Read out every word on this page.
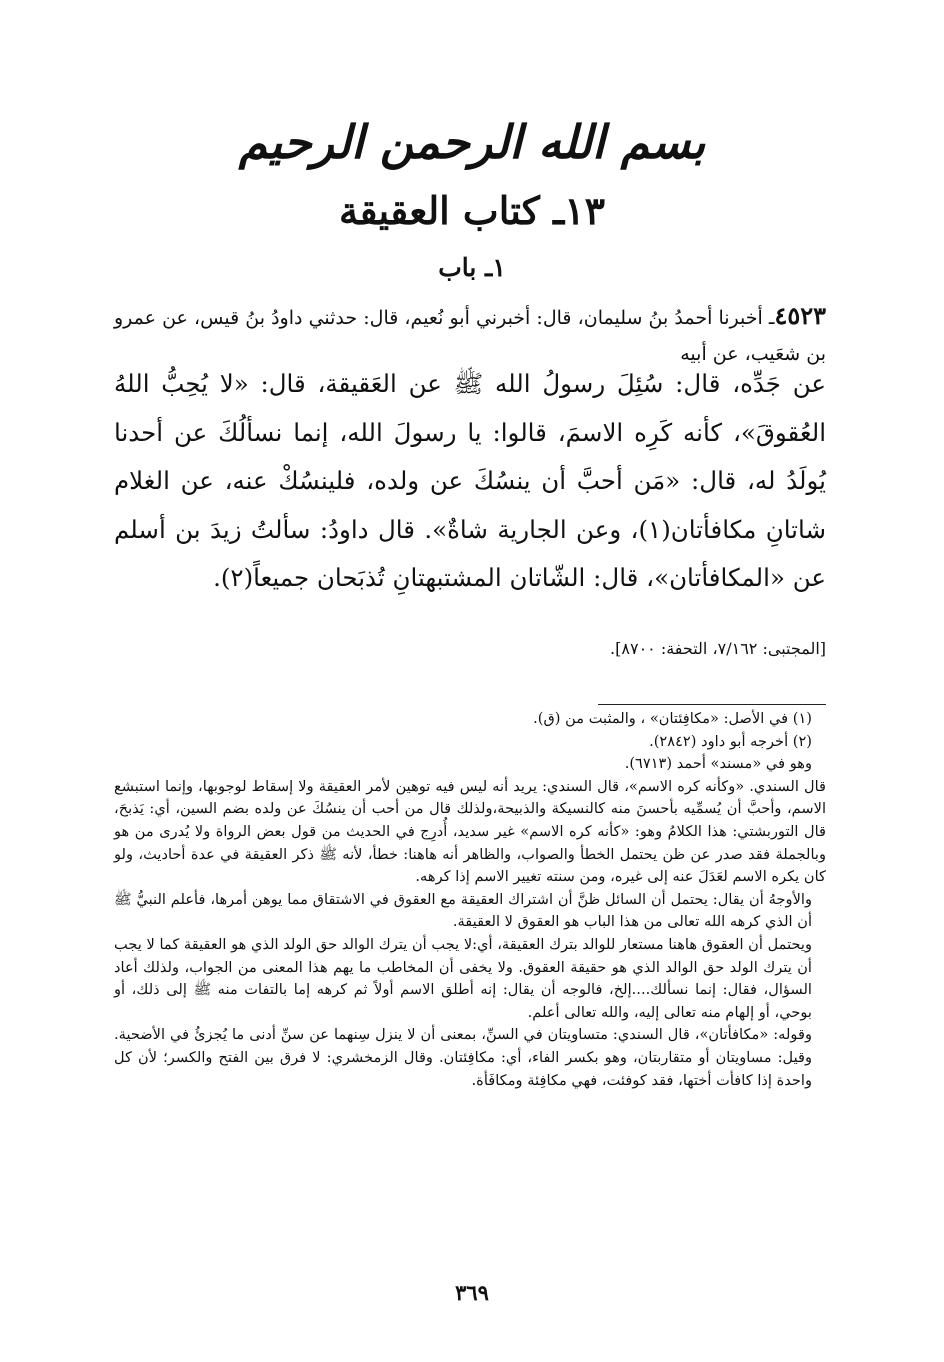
بسم الله الرحمن الرحيم
١٣ـ كتاب العقيقة
١ـ باب
٤٥٢٣ـ أخبرنا أحمدُ بنُ سليمان، قال: أخبرني أبو نُعيم، قال: حدثني داودُ بنُ قيس، عن عمرو بن شعَيب، عن أبيه
عن جَدِّه، قال: سُئِلَ رسولُ الله ﷺ عن العَقيقة، قال: «لا يُحِبُّ اللهُ العُقوقَ»، كأنه كَرِه الاسمَ، قالوا: يا رسولَ الله، إنما نسألُكَ عن أحدنا يُولَدُ له، قال: «مَن أحبَّ أن ينسُكَ عن ولده، فلينسُكْ عنه، عن الغلام شاتانِ مكافأتان(١)، وعن الجارية شاةٌ». قال داودُ: سألتُ زيدَ بن أسلم عن «المكافأتان»، قال: الشّاتان المشتبهتانِ تُذبَحان جميعاً(٢).
[المجتبى: ٧/١٦٢، التحفة: ٨٧٠٠].

(١) في الأصل: «مكافِئتان» ، والمثبت من (ق).

(٢) أخرجه أبو داود (٢٨٤٢).

وهو في «مسند» أحمد (٦٧١٣).

قال السندي. «وكأنه كره الاسم»، قال السندي: يريد أنه ليس فيه توهين لأمر العقيقة ولا إسقاط لوجوبها، وإنما استبشع الاسم، وأحبَّ أن يُسمِّيه بأحسنَ منه كالنسيكة والذبيحة،ولذلك قال من أحب أن ينسُكَ عن ولده بضم السين، أي: يَذبحَ، قال التوربشتي: هذا الكلامُ وهو: «كأنه كره الاسم» غير سديد، أُدرِج في الحديث من قول بعض الرواة ولا يُدرى من هو وبالجملة فقد صدر عن ظن يحتمل الخطأ والصواب، والظاهر أنه هاهنا: خطأ، لأنه ﷺ ذكر العقيقة في عدة أحاديث، ولو كان يكره الاسم لعَدَلَ عنه إلى غيره، ومن سنته تغيير الاسم إذا كرهه.

والأوجهُ أن يقال: يحتمل أن السائل ظنَّ أن اشتراك العقيقة مع العقوق في الاشتقاق مما يوهن أمرها، فأعلم النبيُّ ﷺ أن الذي كرهه الله تعالى من هذا الباب هو العقوق لا العقيقة.

ويحتمل أن العقوق هاهنا مستعار للوالد بترك العقيقة، أي:لا يجب أن يترك الوالد حق الولد الذي هو العقيقة كما لا يجب أن يترك الولد حق الوالد الذي هو حقيقة العقوق. ولا يخفى أن المخاطب ما يهم هذا المعنى من الجواب، ولذلك أعاد السؤال، فقال: إنما نسألك....إلخ، فالوجه أن يقال: إنه أطلق الاسم أولاً ثم كرهه إما بالتفات منه ﷺ إلى ذلك، أو بوحي، أو إلهام منه تعالى إليه، والله تعالى أعلم.

وقوله: «مكافأتان»، قال السندي: متساويتان في السنِّ، بمعنى أن لا ينزل سِنهما عن سنِّ أدنى ما يُجزئُ في الأضحية. وقيل: مساويتان أو متقاربتان، وهو بكسر الفاء، أي: مكافِئتان. وقال الزمخشري: لا فرق بين الفتح والكسر؛ لأن كل واحدة إذا كافأت أختها، فقد كوفئت، فهي مكافِئة ومكافَأة.

٣٦٩
